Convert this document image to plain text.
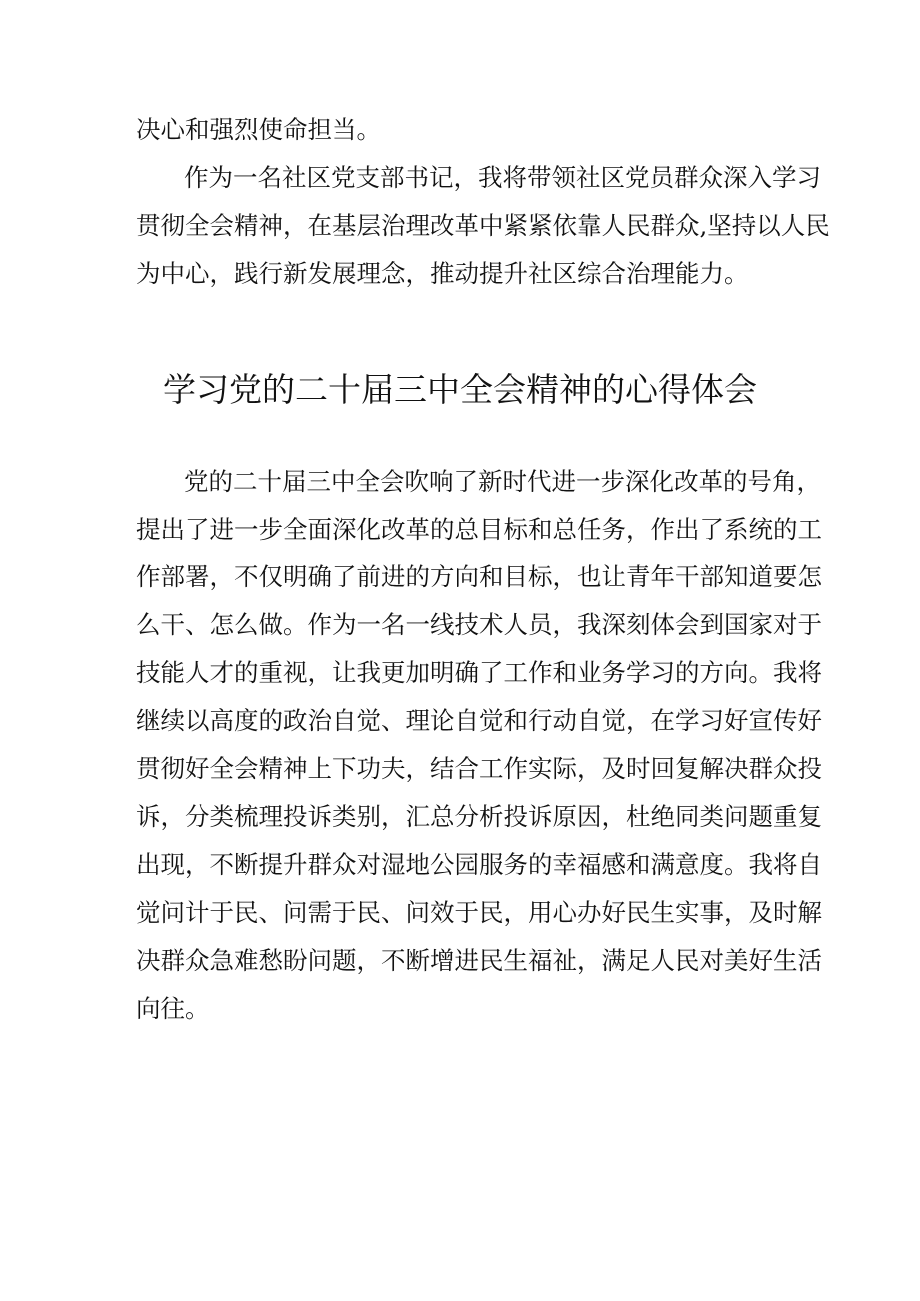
决心和强烈使命担当。

作为一名社区党支部书记，我将带领社区党员群众深入学习

贯彻全会精神，在基层治理改革中紧紧依靠人民群众,坚持以人民

为中心，践行新发展理念，推动提升社区综合治理能力。

学习党的二十届三中全会精神的心得体会

党的二十届三中全会吹响了新时代进一步深化改革的号角，

提出了进一步全面深化改革的总目标和总任务，作出了系统的工

作部署，不仅明确了前进的方向和目标，也让青年干部知道要怎

么干、怎么做。作为一名一线技术人员，我深刻体会到国家对于

技能人才的重视，让我更加明确了工作和业务学习的方向。我将

继续以高度的政治自觉、理论自觉和行动自觉，在学习好宣传好

贯彻好全会精神上下功夫，结合工作实际，及时回复解决群众投

诉，分类梳理投诉类别，汇总分析投诉原因，杜绝同类问题重复

出现，不断提升群众对湿地公园服务的幸福感和满意度。我将自

觉问计于民、问需于民、问效于民，用心办好民生实事，及时解

决群众急难愁盼问题，不断增进民生福祉，满足人民对美好生活

向往。
